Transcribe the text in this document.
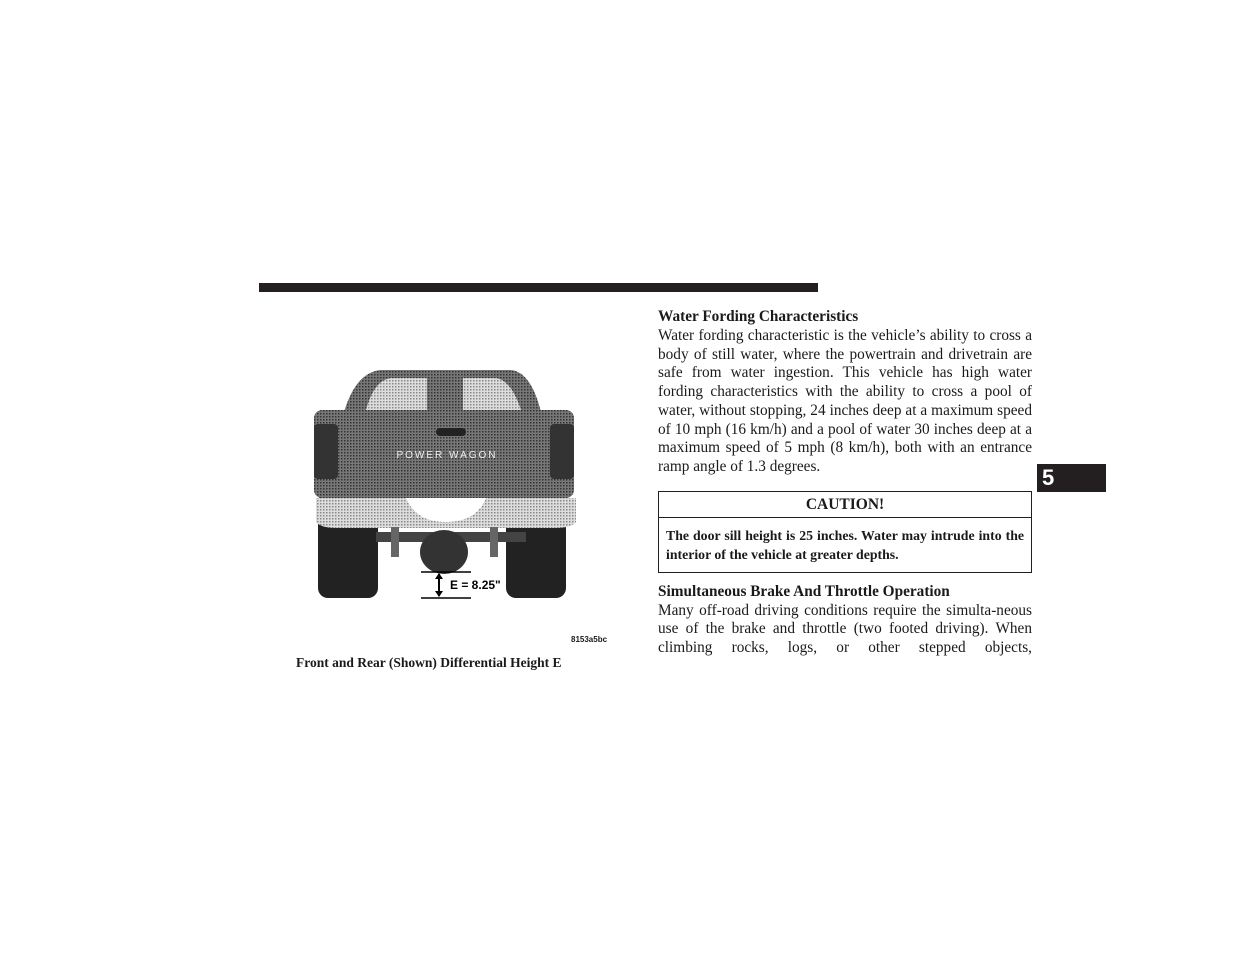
5
POWER WAGON
E = 8.25"
8153a5bc
Front and Rear (Shown) Differential Height E
Water Fording Characteristics

Water fording characteristic is the vehicle’s ability to cross a body of still water, where the powertrain and drivetrain are safe from water ingestion. This vehicle has high water fording characteristics with the ability to cross a pool of water, without stopping, 24 inches deep at a maximum speed of 10 mph (16 km/h) and a pool of water 30 inches deep at a maximum speed of 5 mph (8 km/h), both with an entrance ramp angle of 1.3 degrees.

CAUTION!
The door sill height is 25 inches. Water may intrude into the interior of the vehicle at greater depths.
Simultaneous Brake And Throttle Operation

Many off-road driving conditions require the simulta-neous use of the brake and throttle (two footed driving). When climbing rocks, logs, or other stepped objects,
